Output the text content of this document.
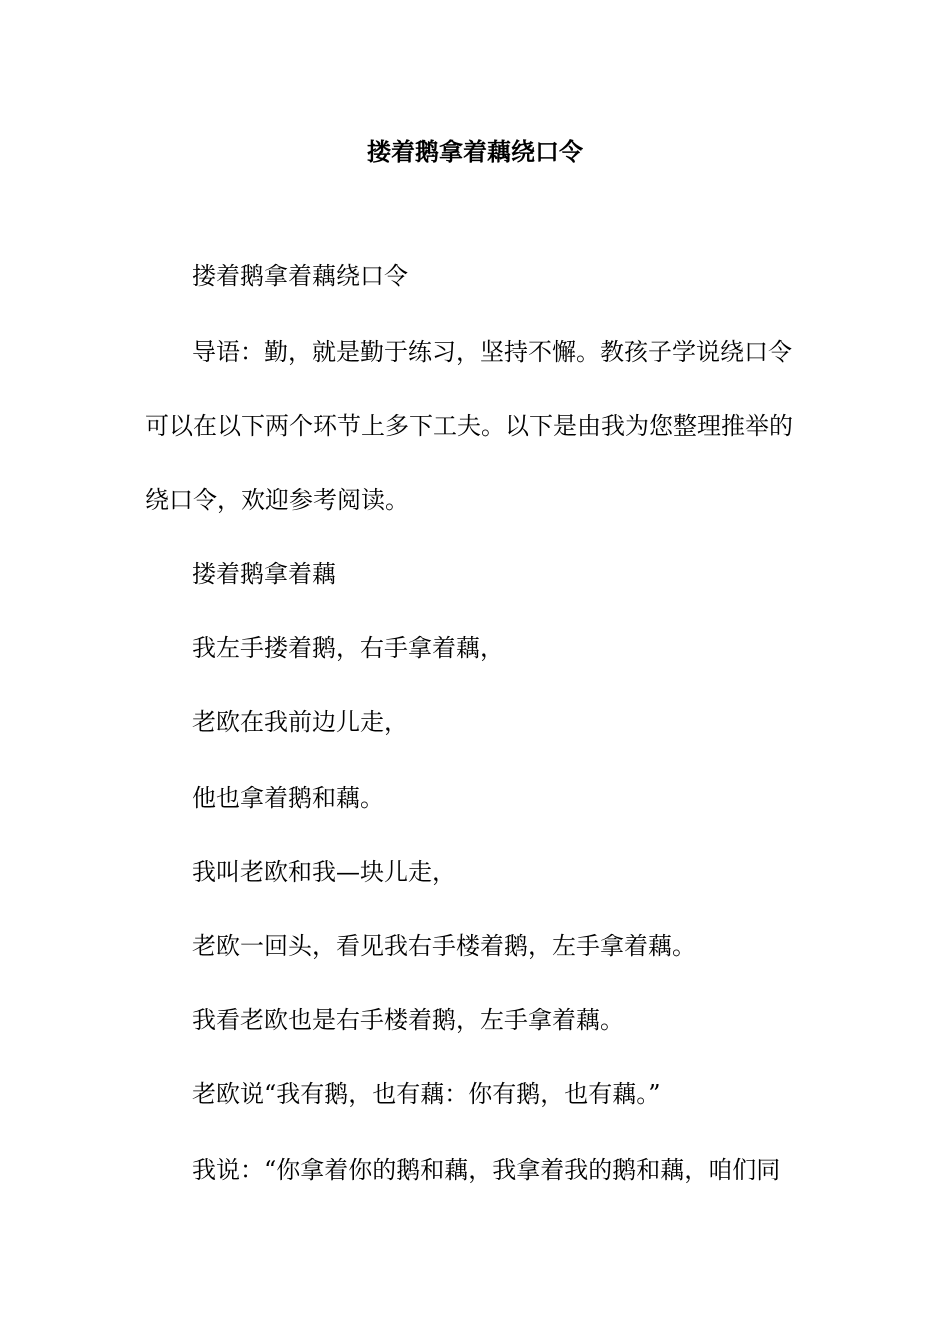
搂着鹅拿着藕绕口令
搂着鹅拿着藕绕口令
导语：勤，就是勤于练习，坚持不懈。教孩子学说绕口令
可以在以下两个环节上多下工夫。以下是由我为您整理推举的
绕口令，欢迎参考阅读。
搂着鹅拿着藕
我左手搂着鹅，右手拿着藕，
老欧在我前边儿走，
他也拿着鹅和藕。
我叫老欧和我—块儿走，
老欧一回头，看见我右手楼着鹅，左手拿着藕。
我看老欧也是右手楼着鹅，左手拿着藕。
老欧说“我有鹅，也有藕：你有鹅，也有藕。”
我说：“你拿着你的鹅和藕，我拿着我的鹅和藕，咱们同
